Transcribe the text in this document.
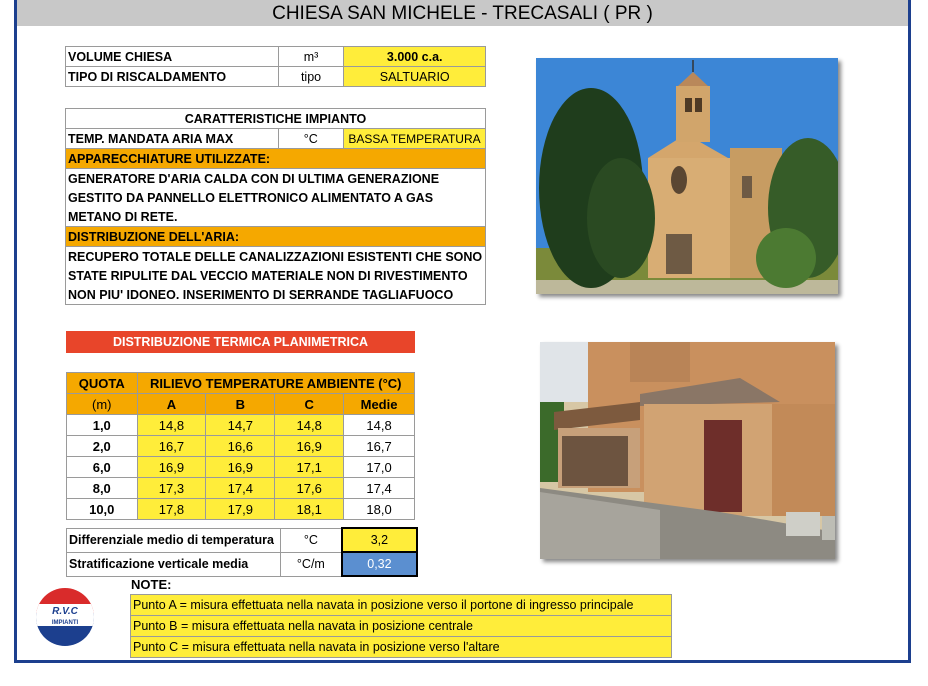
CHIESA SAN MICHELE - TRECASALI ( PR )
VOLUME CHIESA	m³	3.000 c.a.
TIPO DI RISCALDAMENTO	tipo	SALTUARIO
CARATTERISTICHE IMPIANTO
TEMP. MANDATA ARIA MAX	°C	BASSA TEMPERATURA
APPARECCHIATURE UTILIZZATE:
GENERATORE D'ARIA CALDA CON DI ULTIMA GENERAZIONE
GESTITO DA PANNELLO ELETTRONICO ALIMENTATO A GAS
METANO DI RETE.
DISTRIBUZIONE DELL'ARIA:
RECUPERO TOTALE DELLE CANALIZZAZIONI ESISTENTI CHE SONO
STATE RIPULITE DAL VECCIO MATERIALE NON DI RIVESTIMENTO
NON PIU' IDONEO. INSERIMENTO DI SERRANDE TAGLIAFUOCO
DISTRIBUZIONE TERMICA PLANIMETRICA
QUOTA	RILIEVO TEMPERATURE AMBIENTE (°C)			
(m)	A	B	C	Medie
1,0	14,8	14,7	14,8	14,8
2,0	16,7	16,6	16,9	16,7
6,0	16,9	16,9	17,1	17,0
8,0	17,3	17,4	17,6	17,4
10,0	17,8	17,9	18,1	18,0
Differenziale medio di temperatura	°C	3,2
Stratificazione verticale media	°C/m	0,32
NOTE:
Punto A = misura effettuata nella navata in posizione verso il portone di ingresso principale
Punto B = misura effettuata nella navata in posizione centrale
Punto C = misura effettuata nella navata in posizione verso l'altare
R.V.C
IMPIANTI
